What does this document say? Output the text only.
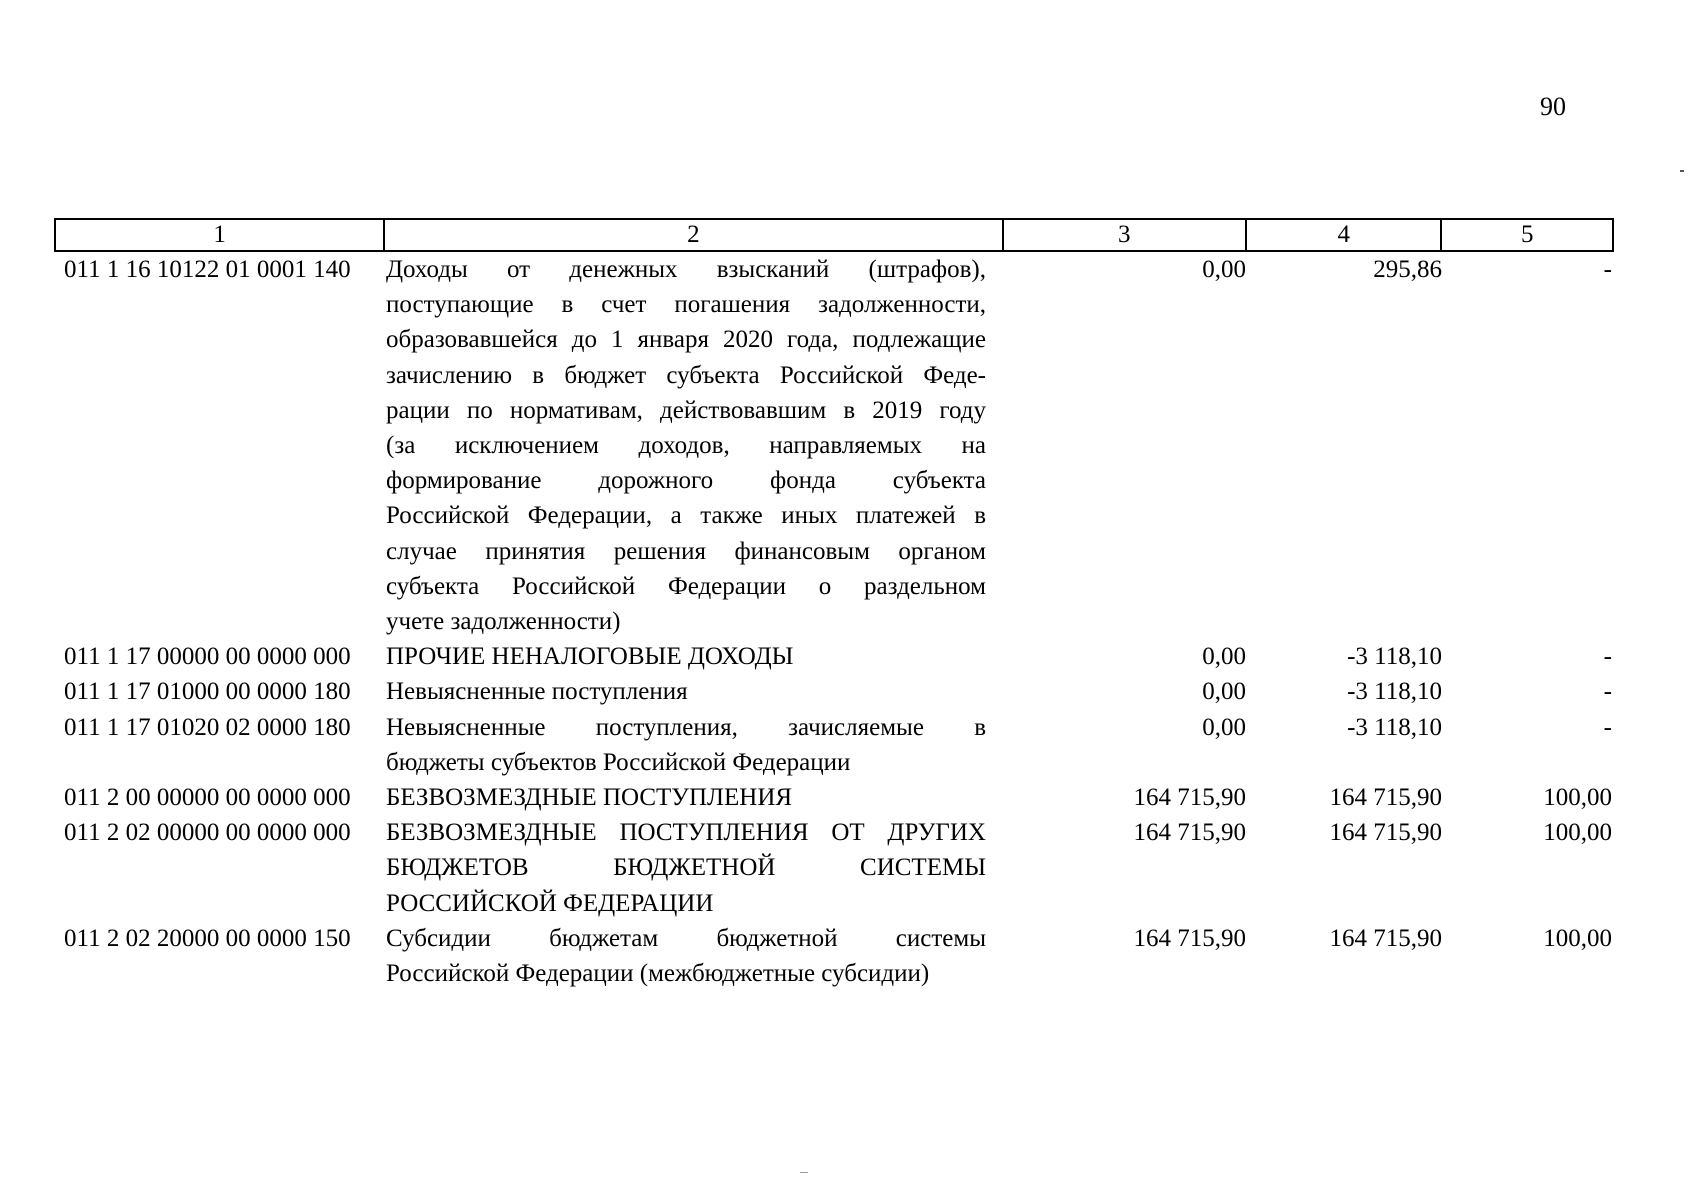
90
1	2	3	4	5
011 1 16 10122 01 0001 140	Доходы от денежных взысканий (штрафов),
поступающие в счет погашения задолженности,
образовавшейся до 1 января 2020 года, подлежащие
зачислению в бюджет субъекта Российской Феде-
рации по нормативам, действовавшим в 2019 году
(за исключением доходов, направляемых на
формирование дорожного фонда субъекта
Российской Федерации, а также иных платежей в
случае принятия решения финансовым органом
субъекта Российской Федерации о раздельном
учете задолженности)
0,00	295,86	-
011 1 17 00000 00 0000 000	ПРОЧИЕ НЕНАЛОГОВЫЕ ДОХОДЫ	0,00	-3 118,10	-
011 1 17 01000 00 0000 180	Невыясненные поступления	0,00	-3 118,10	-
011 1 17 01020 02 0000 180	Невыясненные поступления, зачисляемые в
бюджеты субъектов Российской Федерации
0,00	-3 118,10	-
011 2 00 00000 00 0000 000	БЕЗВОЗМЕЗДНЫЕ ПОСТУПЛЕНИЯ	164 715,90	164 715,90	100,00
011 2 02 00000 00 0000 000	БЕЗВОЗМЕЗДНЫЕ ПОСТУПЛЕНИЯ ОТ ДРУГИХ
БЮДЖЕТОВ БЮДЖЕТНОЙ СИСТЕМЫ
РОССИЙСКОЙ ФЕДЕРАЦИИ
164 715,90	164 715,90	100,00
011 2 02 20000 00 0000 150	Субсидии бюджетам бюджетной системы
Российской Федерации (межбюджетные субсидии)
164 715,90	164 715,90	100,00
